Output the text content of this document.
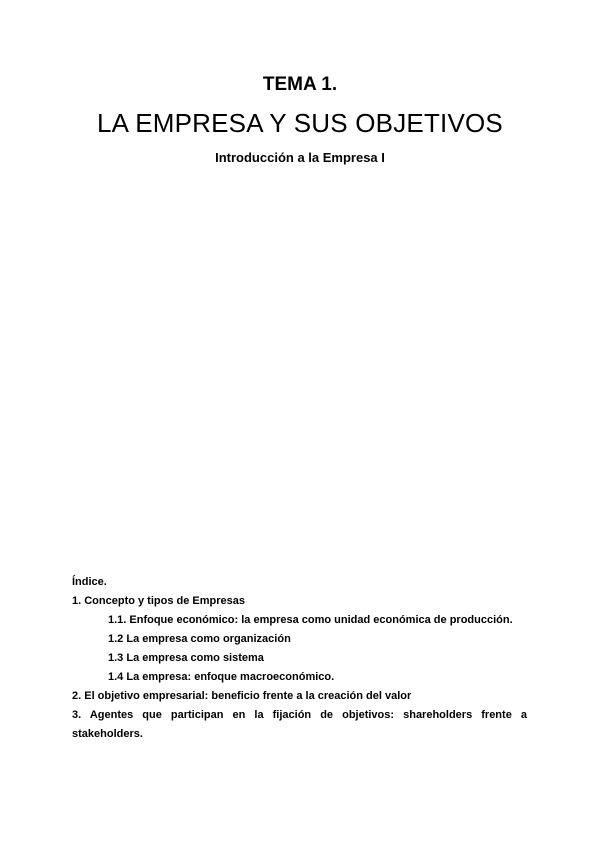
TEMA 1.
LA EMPRESA Y SUS OBJETIVOS
Introducción a la Empresa I
Índice.
1. Concepto y tipos de Empresas
1.1. Enfoque económico: la empresa como unidad económica de producción.
1.2 La empresa como organización
1.3 La empresa como sistema
1.4 La empresa: enfoque macroeconómico.
2. El objetivo empresarial: beneficio frente a la creación del valor
3. Agentes que participan en la fijación de objetivos: shareholders frente a
stakeholders.
